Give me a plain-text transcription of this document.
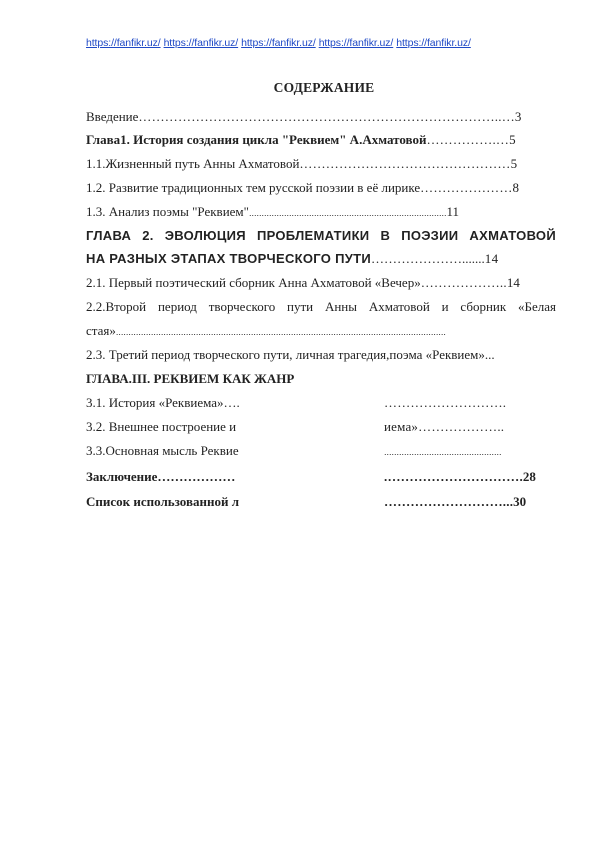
https://fanfikr.uz/ https://fanfikr.uz/ https://fanfikr.uz/ https://fanfikr.uz/ https://fanfikr.uz/
СОДЕРЖАНИЕ
Введение………………………………………………………………………..…3
Глава1. История создания цикла "Реквием" А.Ахматовой…………….…5
1.1.Жизненный путь Анны Ахматовой…………………………………………5
1.2. Развитие традиционных тем русской поэзии в её лирике…………………8
1.3. Анализ поэмы "Реквием"...............................................................................11
ГЛАВА 2. ЭВОЛЮЦИЯ ПРОБЛЕМАТИКИ В ПОЭЗИИ АХМАТОВОЙ
НА РАЗНЫХ ЭТАПАХ ТВОРЧЕСКОГО ПУТИ………………….......14
2.1. Первый поэтический сборник Анна Ахматовой «Вечер»………………..14
2.2.Второй период творческого пути Анны Ахматовой и сборник «Белая
стая»....................................................................................................................................
2.3. Третий период творческого пути, личная трагедия,поэма «Реквием»...
ГЛАВА.III. РЕКВИЕМ КАК ЖАНР
3.1. История «Реквиема»….	……………………….
3.2. Внешнее построение и	иема»………………..
3.3.Основная мысль Реквие	...............................................
Заключение………………	.………………………….28
Список использованной л	………………………...30
